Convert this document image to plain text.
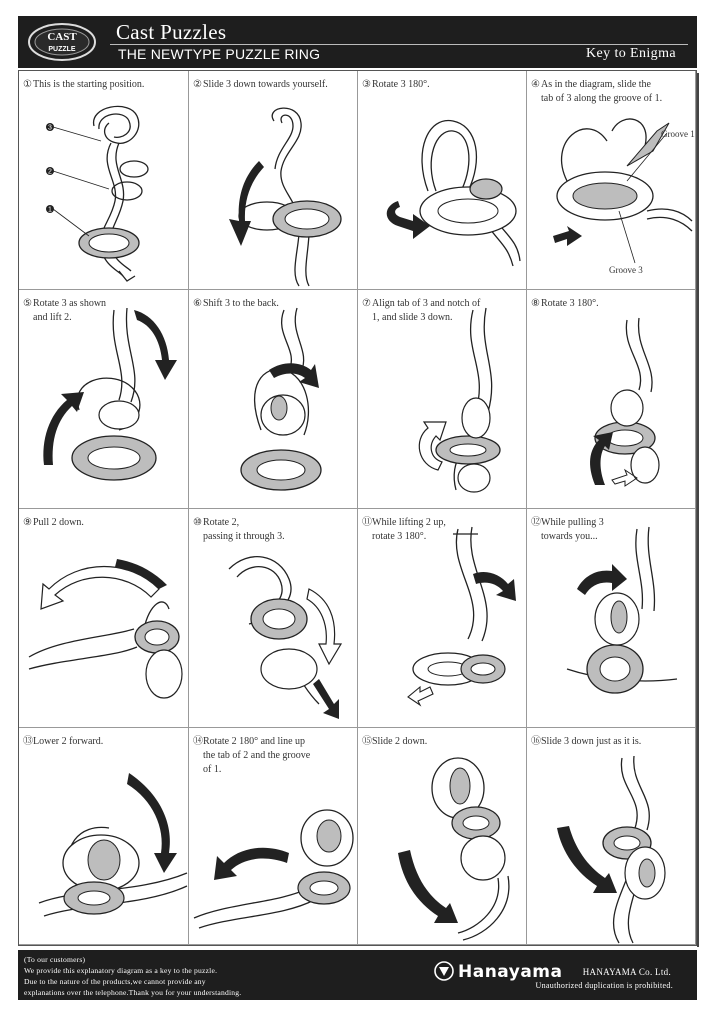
CAST
PUZZLE
Cast Puzzles
THE NEWTYPE PUZZLE RING	Key to Enigma
3
2
1
① This is the starting position.	② Slide 3 down towards yourself.	③ Rotate 3 180°.
Groove 1
Groove 3
④ As in the diagram, slide the
tab of 3 along the groove of 1.
⑤ Rotate 3 as shown
and lift 2.
⑥ Shift 3 to the back.	⑦ Align tab of 3 and notch of
1, and slide 3 down.
⑧ Rotate 3 180°.
⑨ Pull 2 down.	⑩ Rotate 2,
passing it through 3.
⑪ While lifting 2 up,
rotate 3 180°.
⑫ While pulling 3
towards you...
⑬ Lower 2 forward.	⑭ Rotate 2 180° and line up
the tab of 2 and the groove
of 1.
⑮ Slide 2 down.	⑯ Slide 3 down just as it is.
(To our customers)
We provide this explanatory diagram as a key to the puzzle.
Due to the nature of the products,we cannot provide any
explanations over the telephone.Thank you for your understanding.
Hanayama HANAYAMA Co. Ltd.
Unauthorized duplication is prohibited.
